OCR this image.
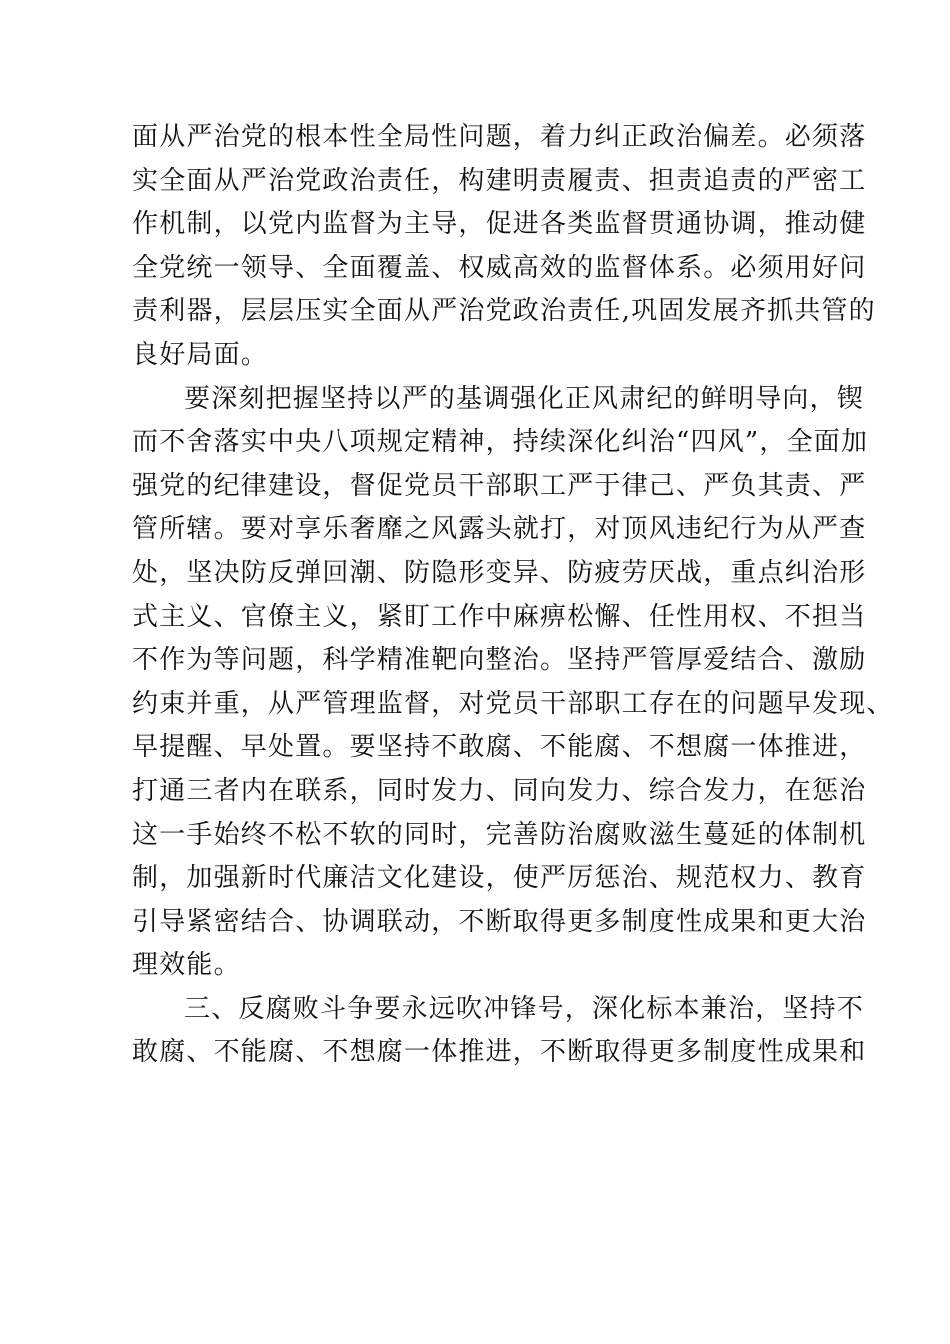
面从严治党的根本性全局性问题，着力纠正政治偏差。必须落
实全面从严治党政治责任，构建明责履责、担责追责的严密工
作机制，以党内监督为主导，促进各类监督贯通协调，推动健
全党统一领导、全面覆盖、权威高效的监督体系。必须用好问
责利器，层层压实全面从严治党政治责任,巩固发展齐抓共管的
良好局面。
要深刻把握坚持以严的基调强化正风肃纪的鲜明导向，锲
而不舍落实中央八项规定精神，持续深化纠治“四风”，全面加
强党的纪律建设，督促党员干部职工严于律己、严负其责、严
管所辖。要对享乐奢靡之风露头就打，对顶风违纪行为从严查
处，坚决防反弹回潮、防隐形变异、防疲劳厌战，重点纠治形
式主义、官僚主义，紧盯工作中麻痹松懈、任性用权、不担当
不作为等问题，科学精准靶向整治。坚持严管厚爱结合、激励
约束并重，从严管理监督，对党员干部职工存在的问题早发现、
早提醒、早处置。要坚持不敢腐、不能腐、不想腐一体推进，
打通三者内在联系，同时发力、同向发力、综合发力，在惩治
这一手始终不松不软的同时，完善防治腐败滋生蔓延的体制机
制，加强新时代廉洁文化建设，使严厉惩治、规范权力、教育
引导紧密结合、协调联动，不断取得更多制度性成果和更大治
理效能。
三、反腐败斗争要永远吹冲锋号，深化标本兼治，坚持不
敢腐、不能腐、不想腐一体推进，不断取得更多制度性成果和
